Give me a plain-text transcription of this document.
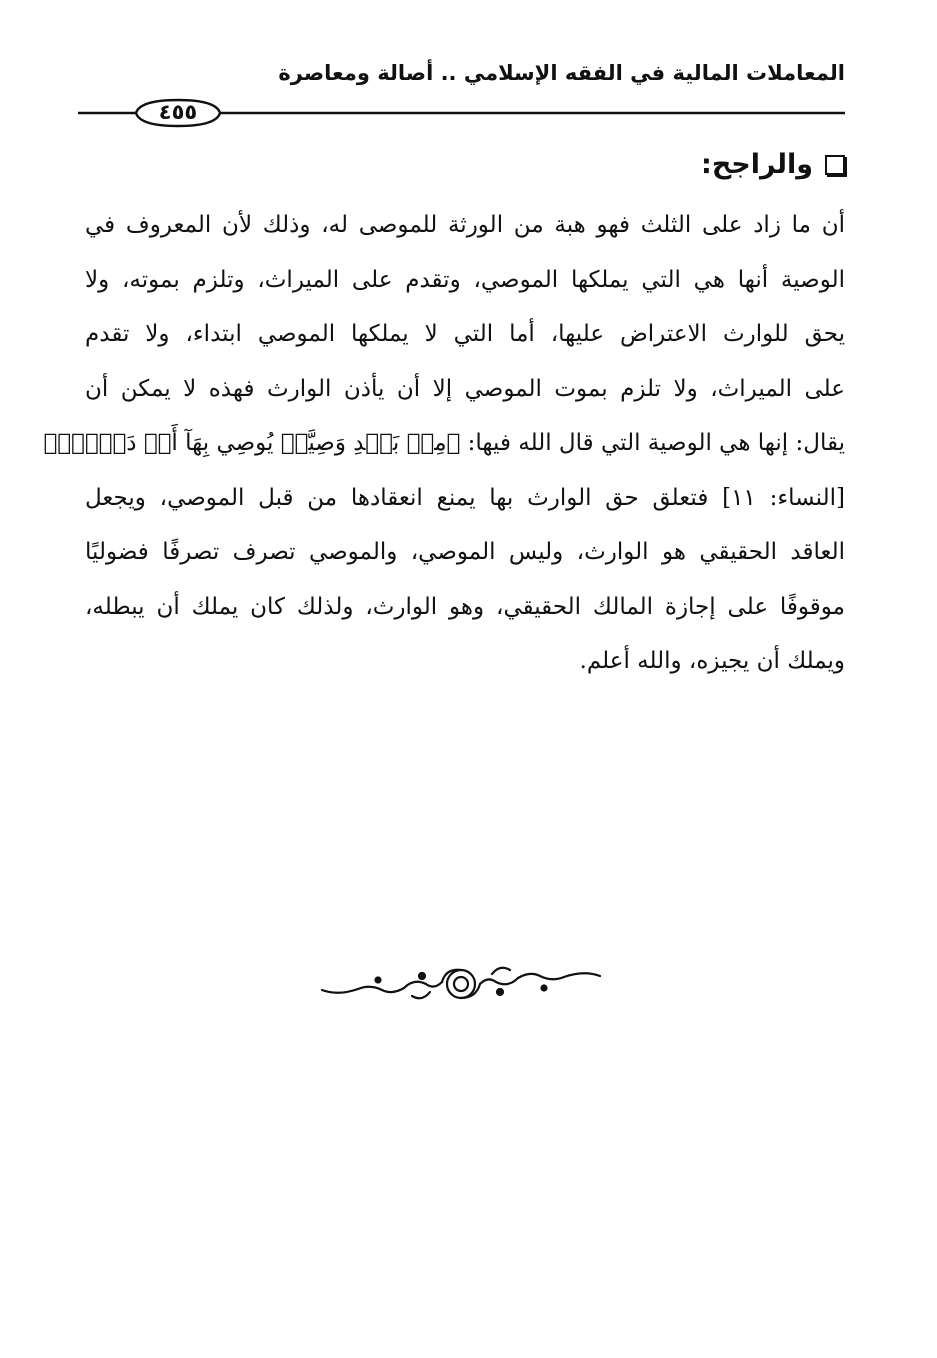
المعاملات المالية في الفقه الإسلامي .. أصالة ومعاصرة
٤٥٥
والراجح:
أن ما زاد على الثلث فهو هبة من الورثة للموصى له، وذلك لأن المعروف في
الوصية أنها هي التي يملكها الموصي، وتقدم على الميراث، وتلزم بموته، ولا
يحق للوارث الاعتراض عليها، أما التي لا يملكها الموصي ابتداء، ولا تقدم
على الميراث، ولا تلزم بموت الموصي إلا أن يأذن الوارث فهذه لا يمكن أن
يقال: إنها هي الوصية التي قال الله فيها: ﴿مِنۢ بَعۡدِ وَصِيَّةٖ يُوصِي بِهَآ أَوۡ دَيۡنٍۗ﴾
[النساء: ١١] فتعلق حق الوارث بها يمنع انعقادها من قبل الموصي، ويجعل
العاقد الحقيقي هو الوارث، وليس الموصي، والموصي تصرف تصرفًا فضوليًا
موقوفًا على إجازة المالك الحقيقي، وهو الوارث، ولذلك كان يملك أن يبطله،
ويملك أن يجيزه، والله أعلم.
